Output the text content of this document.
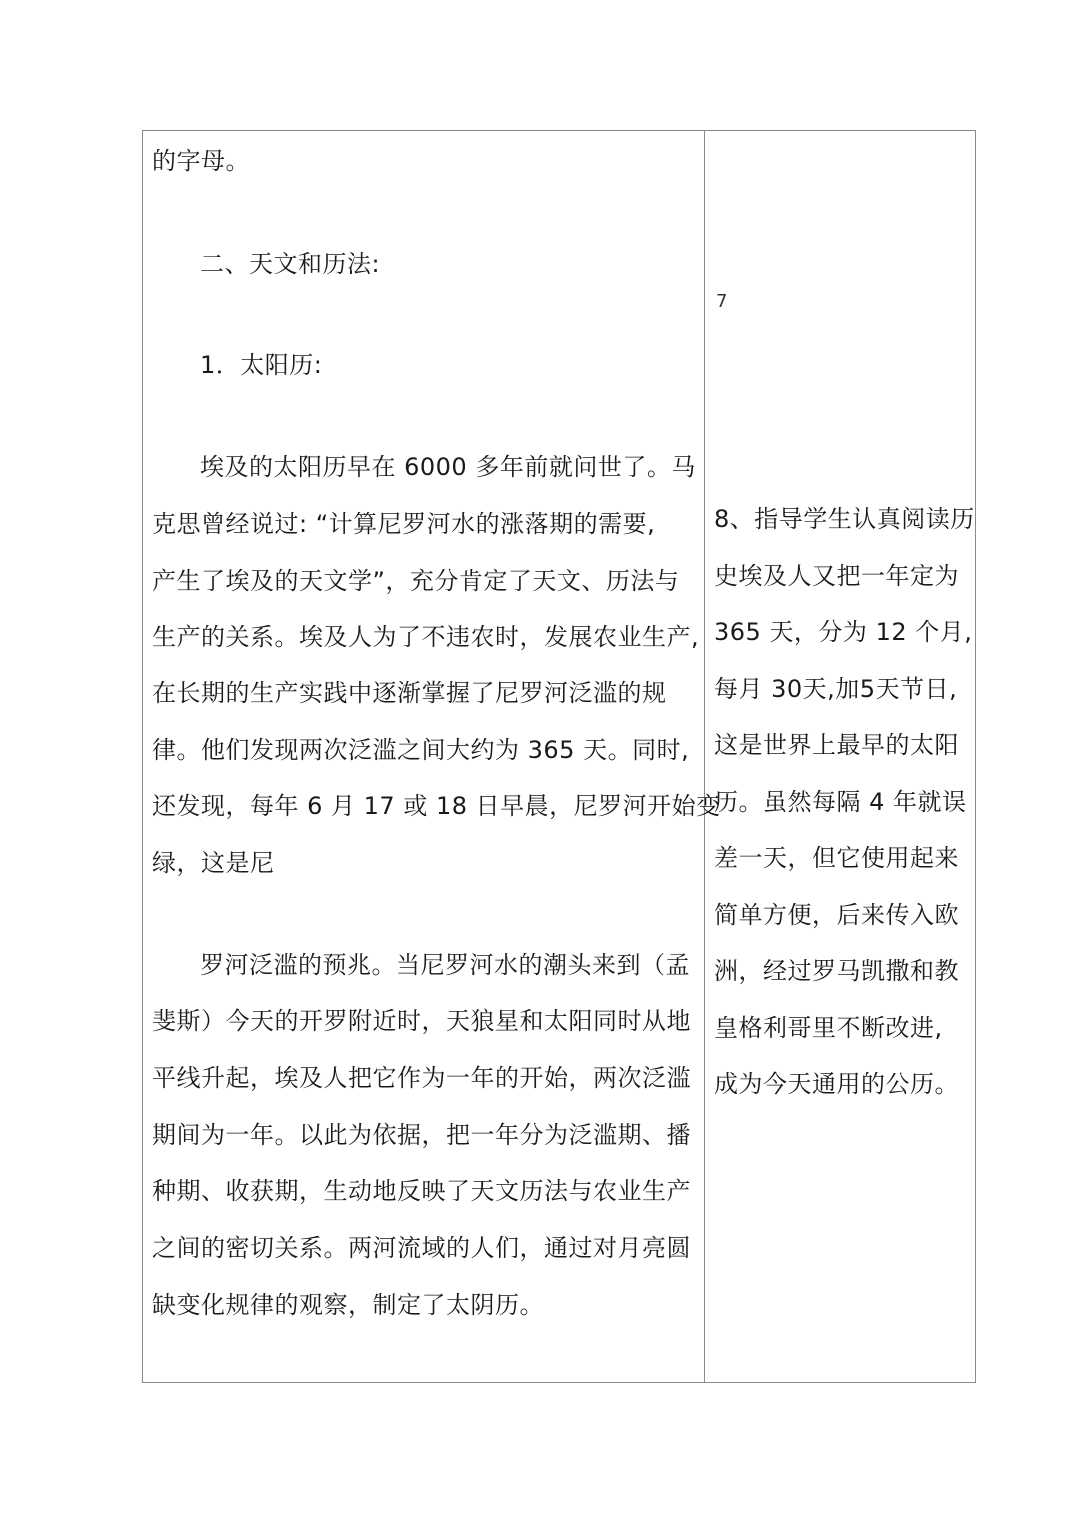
的字母。
二、天文和历法:
1．太阳历:
埃及的太阳历早在 6000 多年前就问世了。马
克思曾经说过: “计算尼罗河水的涨落期的需要,
产生了埃及的天文学”，充分肯定了天文、历法与
生产的关系。埃及人为了不违农时，发展农业生产,
在长期的生产实践中逐渐掌握了尼罗河泛滥的规
律。他们发现两次泛滥之间大约为 365 天。同时,
还发现，每年 6 月 17 或 18 日早晨，尼罗河开始变
绿，这是尼
罗河泛滥的预兆。当尼罗河水的潮头来到（孟
斐斯）今天的开罗附近时，天狼星和太阳同时从地
平线升起，埃及人把它作为一年的开始，两次泛滥
期间为一年。以此为依据，把一年分为泛滥期、播
种期、收获期，生动地反映了天文历法与农业生产
之间的密切关系。两河流域的人们，通过对月亮圆
缺变化规律的观察，制定了太阴历。
7
8、指导学生认真阅读历
史埃及人又把一年定为
365 天，分为 12 个月,
每月 30天,加5天节日,
这是世界上最早的太阳
历。虽然每隔 4 年就误
差一天，但它使用起来
简单方便，后来传入欧
洲，经过罗马凯撒和教
皇格利哥里不断改进,
成为今天通用的公历。
